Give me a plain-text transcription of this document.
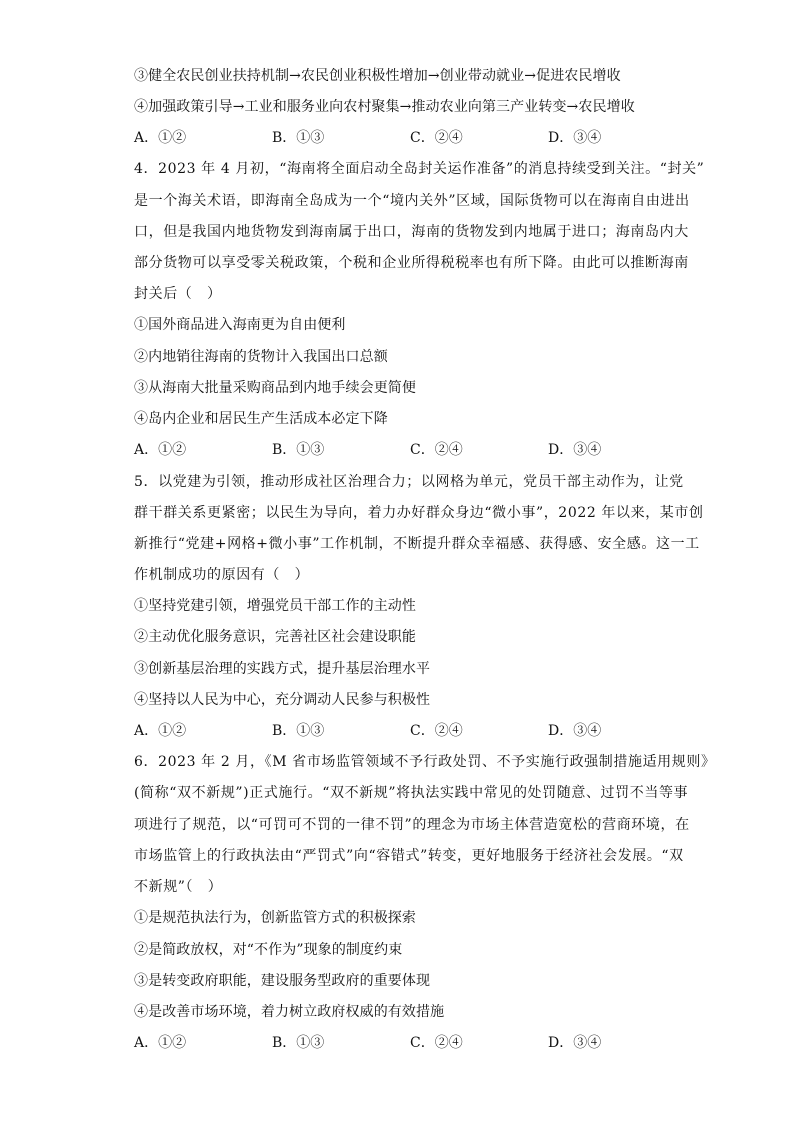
③健全农民创业扶持机制→农民创业积极性增加→创业带动就业→促进农民增收
④加强政策引导→工业和服务业向农村聚集→推动农业向第三产业转变→农民增收
A．①②	B．①③	C．②④	D．③④
4．2023 年 4 月初，“海南将全面启动全岛封关运作准备”的消息持续受到关注。“封关”
是一个海关术语，即海南全岛成为一个“境内关外”区域，国际货物可以在海南自由进出
口，但是我国内地货物发到海南属于出口，海南的货物发到内地属于进口；海南岛内大
部分货物可以享受零关税政策，个税和企业所得税税率也有所下降。由此可以推断海南
封关后（　）
①国外商品进入海南更为自由便利
②内地销往海南的货物计入我国出口总额
③从海南大批量采购商品到内地手续会更简便
④岛内企业和居民生产生活成本必定下降
A．①②	B．①③	C．②④	D．③④
5．以党建为引领，推动形成社区治理合力；以网格为单元，党员干部主动作为，让党
群干群关系更紧密；以民生为导向，着力办好群众身边“微小事”，2022 年以来，某市创
新推行“党建+网格+微小事”工作机制，不断提升群众幸福感、获得感、安全感。这一工
作机制成功的原因有（　）
①坚持党建引领，增强党员干部工作的主动性
②主动优化服务意识，完善社区社会建设职能
③创新基层治理的实践方式，提升基层治理水平
④坚持以人民为中心，充分调动人民参与积极性
A．①②	B．①③	C．②④	D．③④
6．2023 年 2 月，《M 省市场监管领域不予行政处罚、不予实施行政强制措施适用规则》
(简称“双不新规”)正式施行。“双不新规”将执法实践中常见的处罚随意、过罚不当等事
项进行了规范，以“可罚可不罚的一律不罚”的理念为市场主体营造宽松的营商环境，在
市场监管上的行政执法由“严罚式”向“容错式”转变，更好地服务于经济社会发展。“双
不新规”（　）
①是规范执法行为，创新监管方式的积极探索
②是简政放权，对“不作为”现象的制度约束
③是转变政府职能，建设服务型政府的重要体现
④是改善市场环境，着力树立政府权威的有效措施
A．①②	B．①③	C．②④	D．③④
